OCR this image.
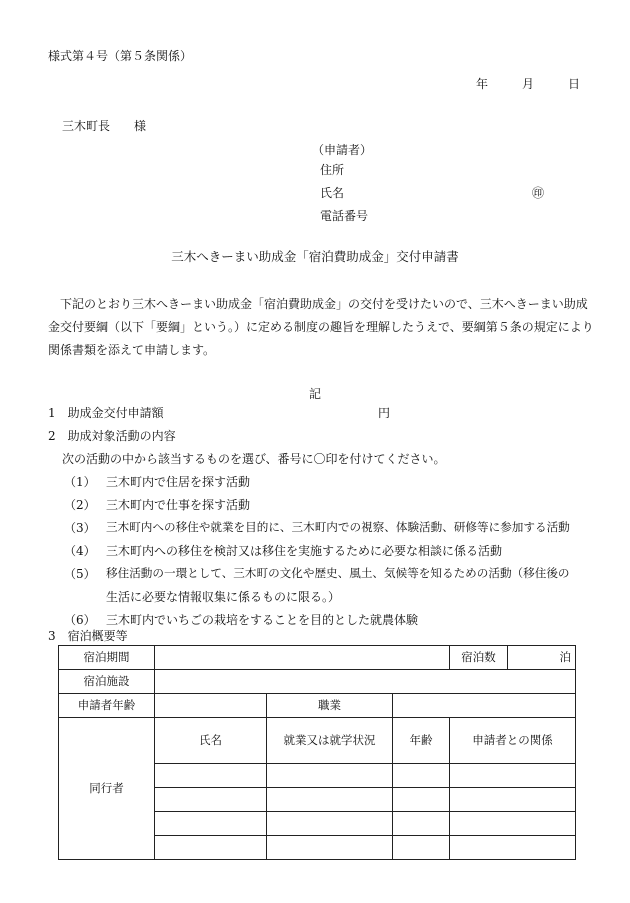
様式第４号（第５条関係）
年	月	日
三木町長　　様
（申請者）
住所
氏名	㊞
電話番号
三木へきーまい助成金「宿泊費助成金」交付申請書
下記のとおり三木へきーまい助成金「宿泊費助成金」の交付を受けたいので、三木へきーまい助成
金交付要綱（以下「要綱」という。）に定める制度の趣旨を理解したうえで、要綱第５条の規定により
関係書類を添えて申請します。
記
1　助成金交付申請額	円
2　助成対象活動の内容
次の活動の中から該当するものを選び、番号に〇印を付けてください。
（1） 三木町内で住居を探す活動
（2） 三木町内で仕事を探す活動
（3） 三木町内への移住や就業を目的に、三木町内での視察、体験活動、研修等に参加する活動
（4） 三木町内への移住を検討又は移住を実施するために必要な相談に係る活動
（5） 移住活動の一環として、三木町の文化や歴史、風土、気候等を知るための活動（移住後の
生活に必要な情報収集に係るものに限る。）
（6） 三木町内でいちごの栽培をすることを目的とした就農体験
3　宿泊概要等
宿泊期間				宿泊数	泊
宿泊施設					
申請者年齢		職業			
同行者	氏名	就業又は就学状況	年齢	申請者との関係	
